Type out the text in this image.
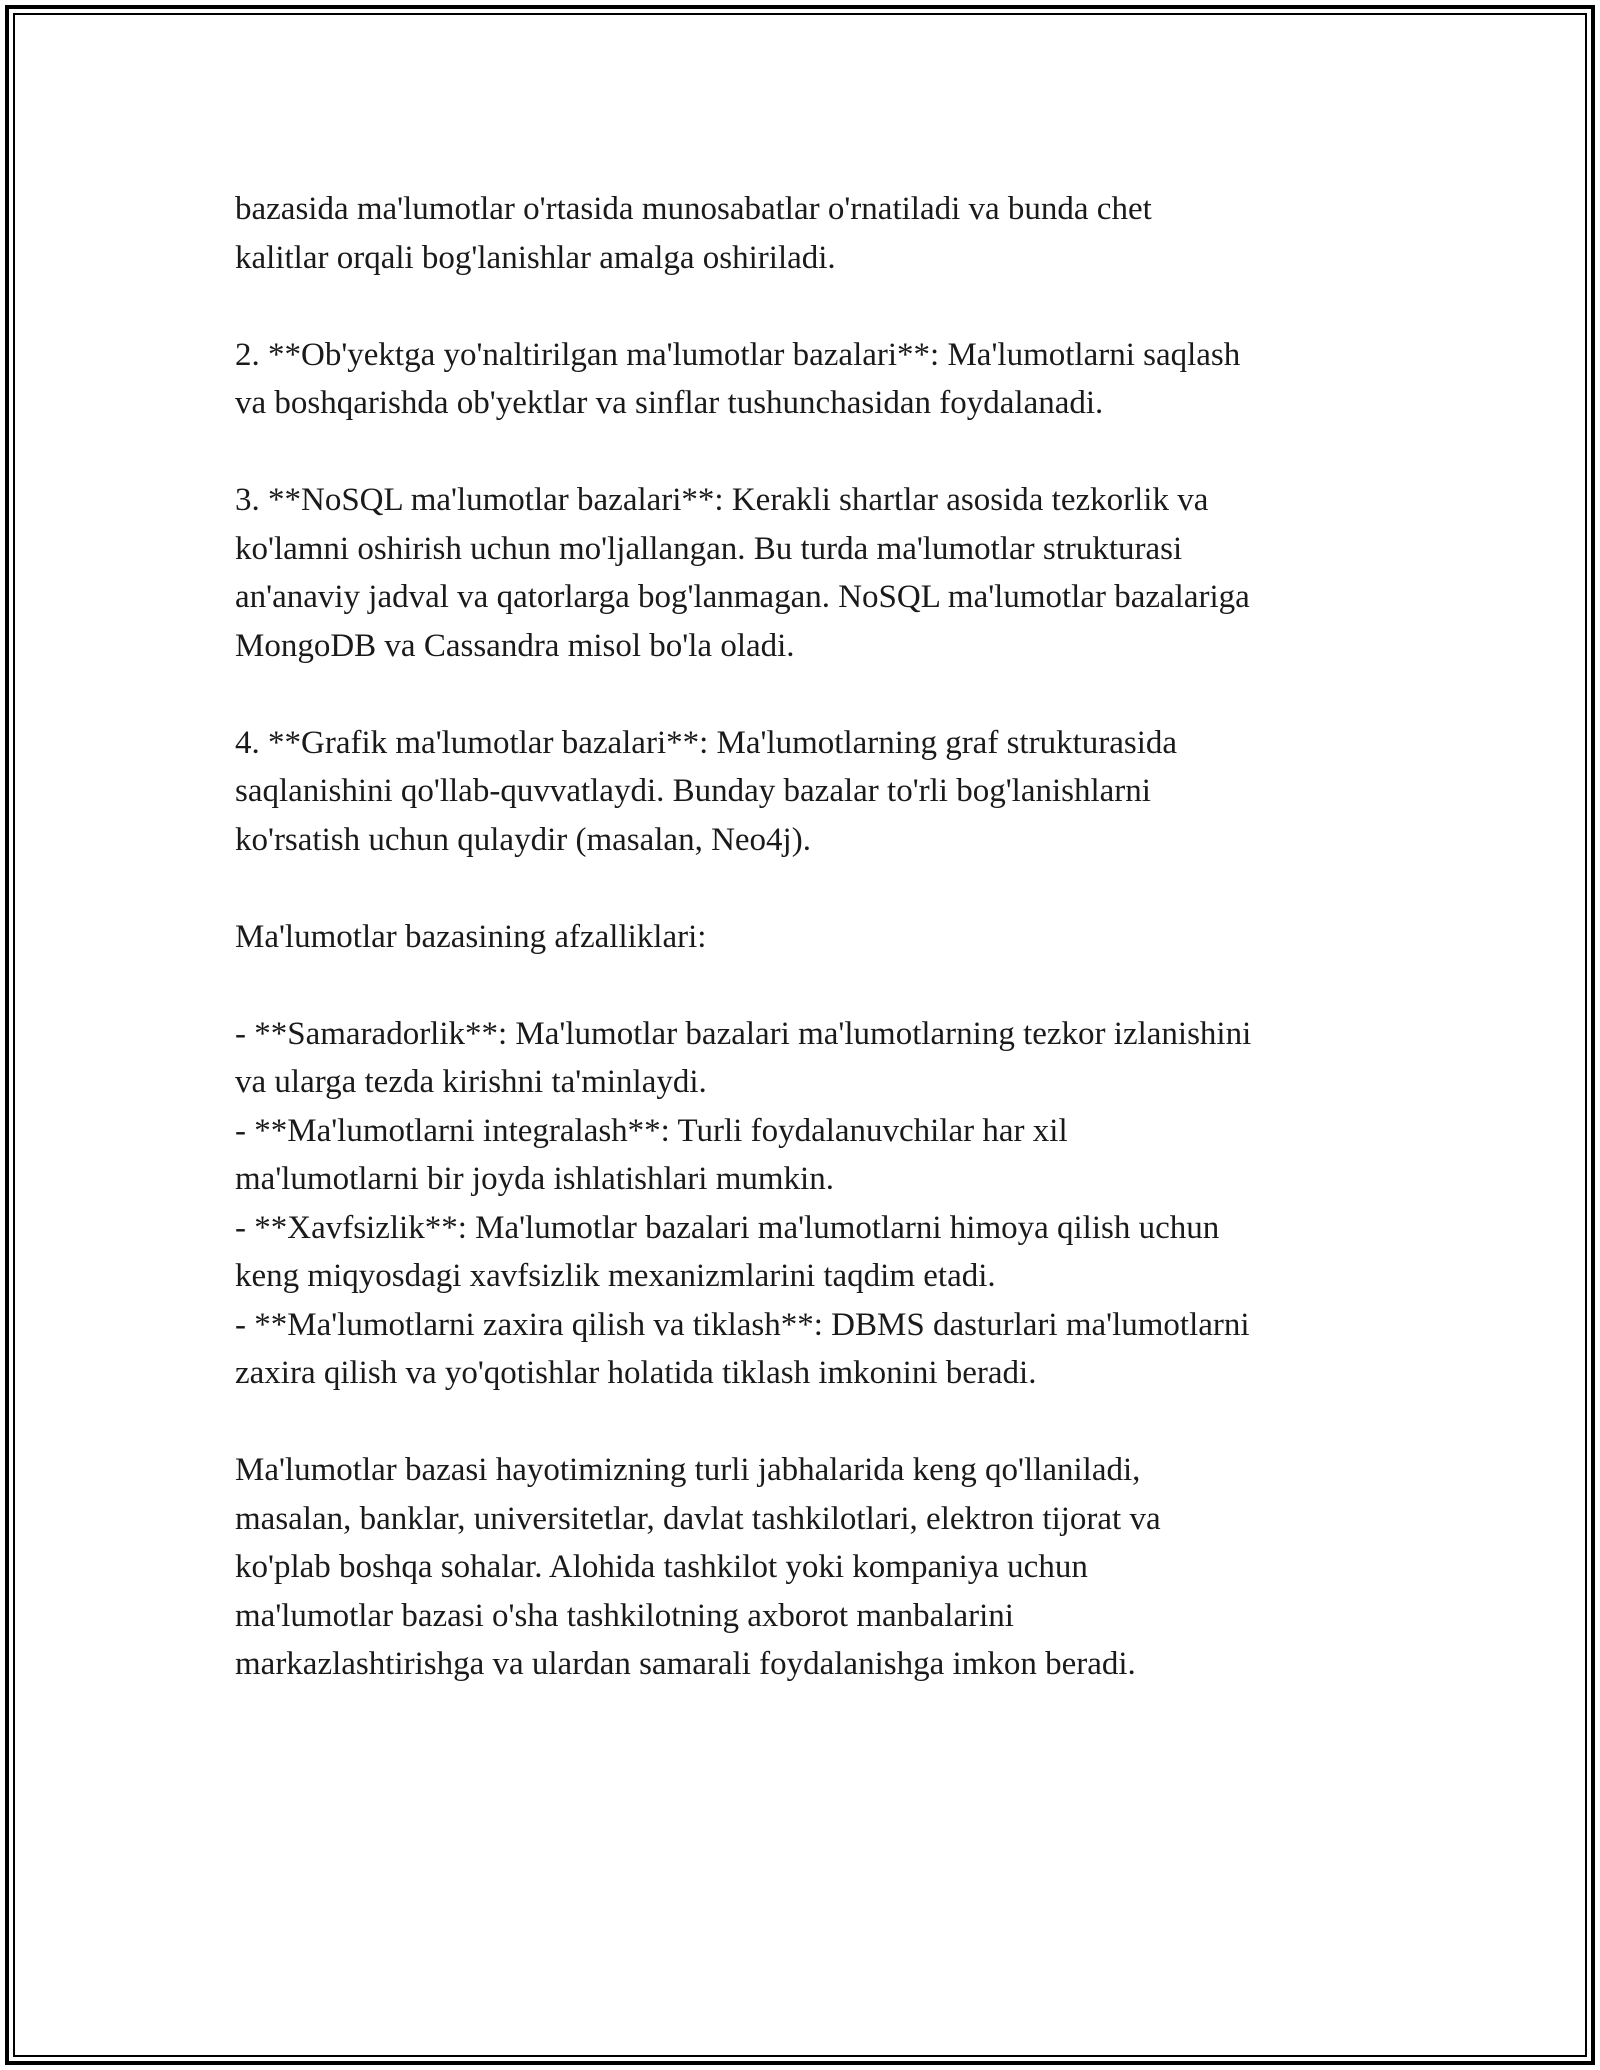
bazasida ma'lumotlar o'rtasida munosabatlar o'rnatiladi va bunda chet
kalitlar orqali bog'lanishlar amalga oshiriladi.
2. **Ob'yektga yo'naltirilgan ma'lumotlar bazalari**: Ma'lumotlarni saqlash
va boshqarishda ob'yektlar va sinflar tushunchasidan foydalanadi.
3. **NoSQL ma'lumotlar bazalari**: Kerakli shartlar asosida tezkorlik va
ko'lamni oshirish uchun mo'ljallangan. Bu turda ma'lumotlar strukturasi
an'anaviy jadval va qatorlarga bog'lanmagan. NoSQL ma'lumotlar bazalariga
MongoDB va Cassandra misol bo'la oladi.
4. **Grafik ma'lumotlar bazalari**: Ma'lumotlarning graf strukturasida
saqlanishini qo'llab-quvvatlaydi. Bunday bazalar to'rli bog'lanishlarni
ko'rsatish uchun qulaydir (masalan, Neo4j).
Ma'lumotlar bazasining afzalliklari:
- **Samaradorlik**: Ma'lumotlar bazalari ma'lumotlarning tezkor izlanishini
va ularga tezda kirishni ta'minlaydi.
- **Ma'lumotlarni integralash**: Turli foydalanuvchilar har xil
ma'lumotlarni bir joyda ishlatishlari mumkin.
- **Xavfsizlik**: Ma'lumotlar bazalari ma'lumotlarni himoya qilish uchun
keng miqyosdagi xavfsizlik mexanizmlarini taqdim etadi.
- **Ma'lumotlarni zaxira qilish va tiklash**: DBMS dasturlari ma'lumotlarni
zaxira qilish va yo'qotishlar holatida tiklash imkonini beradi.
Ma'lumotlar bazasi hayotimizning turli jabhalarida keng qo'llaniladi,
masalan, banklar, universitetlar, davlat tashkilotlari, elektron tijorat va
ko'plab boshqa sohalar. Alohida tashkilot yoki kompaniya uchun
ma'lumotlar bazasi o'sha tashkilotning axborot manbalarini
markazlashtirishga va ulardan samarali foydalanishga imkon beradi.
